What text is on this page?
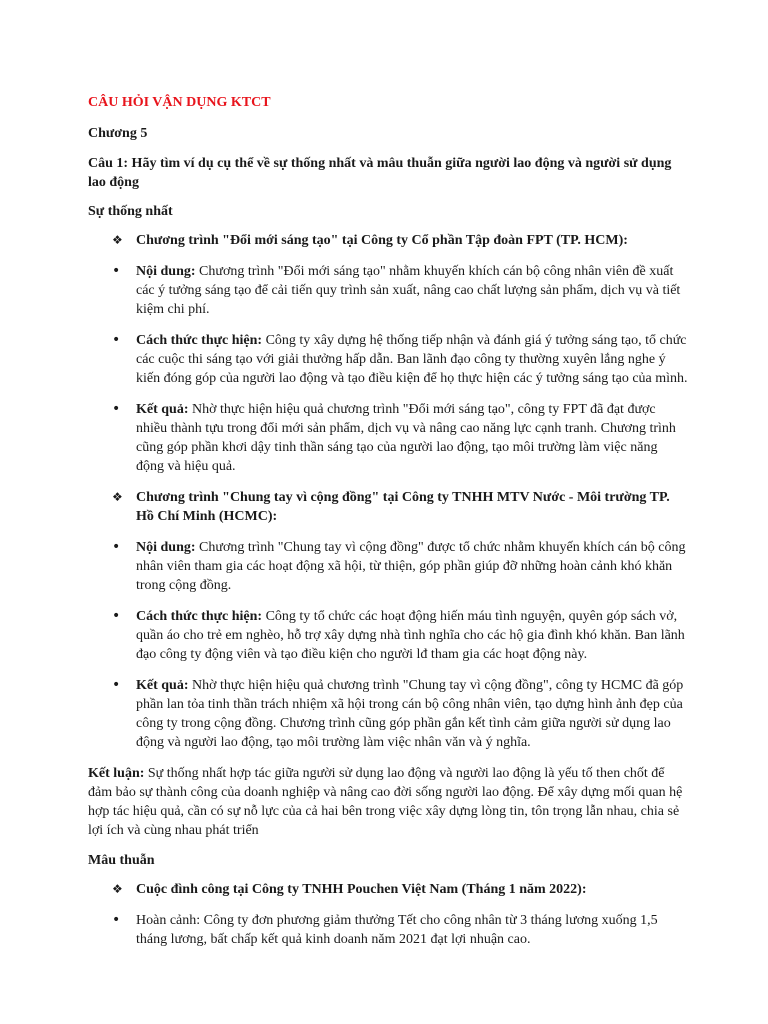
CÂU HỎI VẬN DỤNG KTCT
Chương 5
Câu 1: Hãy tìm ví dụ cụ thể về sự thống nhất và mâu thuẫn giữa người lao động và người sử dụng lao động
Sự thống nhất
❖ Chương trình "Đổi mới sáng tạo" tại Công ty Cổ phần Tập đoàn FPT (TP. HCM):
• Nội dung: Chương trình "Đổi mới sáng tạo" nhằm khuyến khích cán bộ công nhân viên đề xuất các ý tưởng sáng tạo để cải tiến quy trình sản xuất, nâng cao chất lượng sản phẩm, dịch vụ và tiết kiệm chi phí.
• Cách thức thực hiện: Công ty xây dựng hệ thống tiếp nhận và đánh giá ý tưởng sáng tạo, tổ chức các cuộc thi sáng tạo với giải thưởng hấp dẫn. Ban lãnh đạo công ty thường xuyên lắng nghe ý kiến đóng góp của người lao động và tạo điều kiện để họ thực hiện các ý tưởng sáng tạo của mình.
• Kết quả: Nhờ thực hiện hiệu quả chương trình "Đổi mới sáng tạo", công ty FPT đã đạt được nhiều thành tựu trong đổi mới sản phẩm, dịch vụ và nâng cao năng lực cạnh tranh. Chương trình cũng góp phần khơi dậy tinh thần sáng tạo của người lao động, tạo môi trường làm việc năng động và hiệu quả.
❖ Chương trình "Chung tay vì cộng đồng" tại Công ty TNHH MTV Nước - Môi trường TP. Hồ Chí Minh (HCMC):
• Nội dung: Chương trình "Chung tay vì cộng đồng" được tổ chức nhằm khuyến khích cán bộ công nhân viên tham gia các hoạt động xã hội, từ thiện, góp phần giúp đỡ những hoàn cảnh khó khăn trong cộng đồng.
• Cách thức thực hiện: Công ty tổ chức các hoạt động hiến máu tình nguyện, quyên góp sách vở, quần áo cho trẻ em nghèo, hỗ trợ xây dựng nhà tình nghĩa cho các hộ gia đình khó khăn. Ban lãnh đạo công ty động viên và tạo điều kiện cho người lđ tham gia các hoạt động này.
• Kết quả: Nhờ thực hiện hiệu quả chương trình "Chung tay vì cộng đồng", công ty HCMC đã góp phần lan tỏa tinh thần trách nhiệm xã hội trong cán bộ công nhân viên, tạo dựng hình ảnh đẹp của công ty trong cộng đồng. Chương trình cũng góp phần gắn kết tình cảm giữa người sử dụng lao động và người lao động, tạo môi trường làm việc nhân văn và ý nghĩa.
Kết luận: Sự thống nhất hợp tác giữa người sử dụng lao động và người lao động là yếu tố then chốt để đảm bảo sự thành công của doanh nghiệp và nâng cao đời sống người lao động. Để xây dựng mối quan hệ hợp tác hiệu quả, cần có sự nỗ lực của cả hai bên trong việc xây dựng lòng tin, tôn trọng lẫn nhau, chia sẻ lợi ích và cùng nhau phát triển
Mâu thuẫn
❖ Cuộc đình công tại Công ty TNHH Pouchen Việt Nam (Tháng 1 năm 2022):
• Hoàn cảnh: Công ty đơn phương giảm thưởng Tết cho công nhân từ 3 tháng lương xuống 1,5 tháng lương, bất chấp kết quả kinh doanh năm 2021 đạt lợi nhuận cao.
